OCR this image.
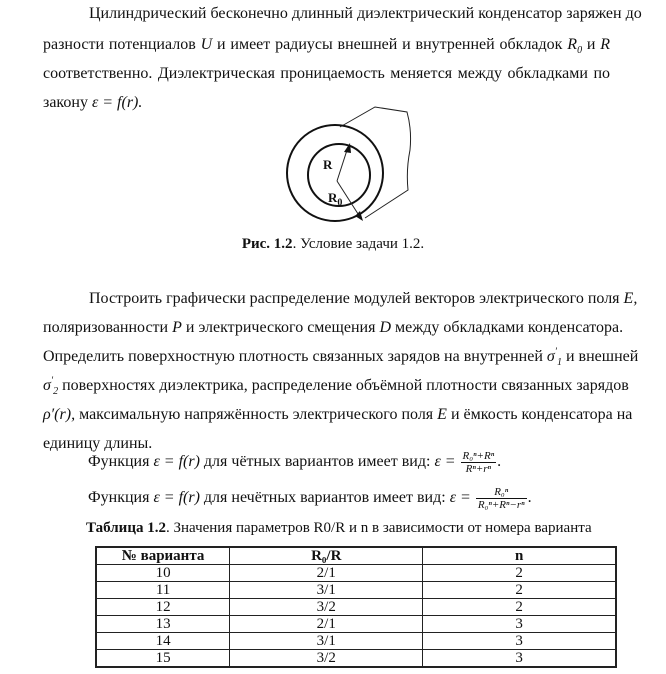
Цилиндрический бесконечно длинный диэлектрический конденсатор заряжен до
разности потенциалов U и имеет радиусы внешней и внутренней обкладок $R_0$ и R
соответственно. Диэлектрическая проницаемость меняется между обкладками по
закону ε = f(r).
R
$R_0$
Рис. 1.2. Условие задачи 1.2.
Построить графически распределение модулей векторов электрического поля E,
поляризованности P и электрического смещения D между обкладками конденсатора.
Определить поверхностную плотность связанных зарядов на внутренней $\sigma'_1$ и внешней
$\sigma'_2$ поверхностях диэлектрика, распределение объёмной плотности связанных зарядов
ρ′(r), максимальную напряжённость электрического поля E и ёмкость конденсатора на
единицу длины.
Функция ε = f(r) для чётных вариантов имеет вид: $\varepsilon = \frac{\text{R₀ⁿ+Rⁿ}}{\text{Rⁿ+rⁿ}}$ .
Функция ε = f(r) для нечётных вариантов имеет вид: $\varepsilon = \frac{\text{R₀ⁿ}}{\text{R₀ⁿ+Rⁿ−rⁿ}}$ .
Таблица 1.2. Значения параметров R0/R и n в зависимости от номера варианта
№ варианта	R₀/R	n
10	2/1	2
11	3/1	2
12	3/2	2
13	2/1	3
14	3/1	3
15	3/2	3
